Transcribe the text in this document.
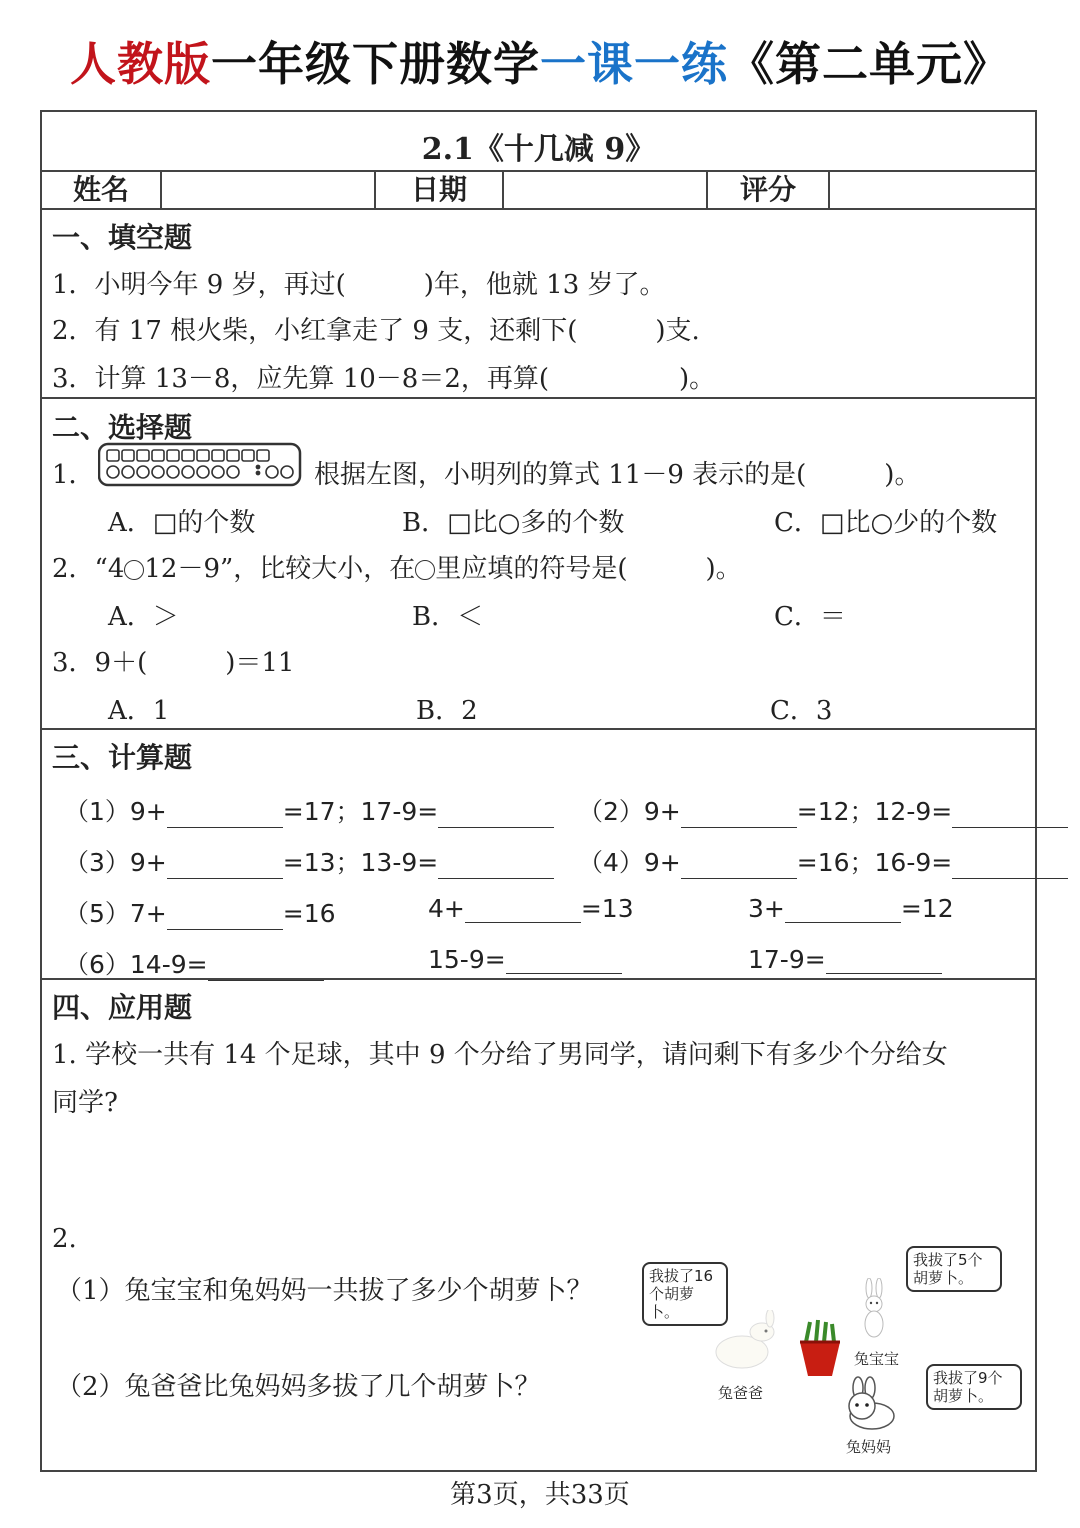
人教版一年级下册数学一课一练《第二单元》
2.1《十几减 9》
姓名	日期	评分
一、填空题
1．小明今年 9 岁，再过(　　　)年，他就 13 岁了。
2．有 17 根火柴，小红拿走了 9 支，还剩下(　　　)支.
3．计算 13－8，应先算 10－8＝2，再算(　　　　　)。
二、选择题
1．	根据左图，小明列的算式 11－9 表示的是(　　　)。
A．□的个数	B．□比○多的个数	C．□比○少的个数
2．“4 12－9”，比较大小，在 里应填的符号是(　　　)。
A．＞	B．＜	C．＝
3．9＋(　　　)＝11
A．1	B．2	C．3
三、计算题
（1）9+	=17；17-9=	（2）9+	=12；12-9=
（3）9+	=13；13-9=	（4）9+	=16；16-9=
（5）7+	=16	4+	=13	3+	=12
（6）14-9=	15-9=	17-9=
四、应用题
1. 学校一共有 14 个足球，其中 9 个分给了男同学，请问剩下有多少个分给女
同学?
2.
（1）兔宝宝和兔妈妈一共拔了多少个胡萝卜？
（2）兔爸爸比兔妈妈多拔了几个胡萝卜？
我拔了16个胡萝卜。
我拔了5个胡萝卜。
我拔了9个胡萝卜。
兔爸爸
兔宝宝
兔妈妈
第3页，共33页
